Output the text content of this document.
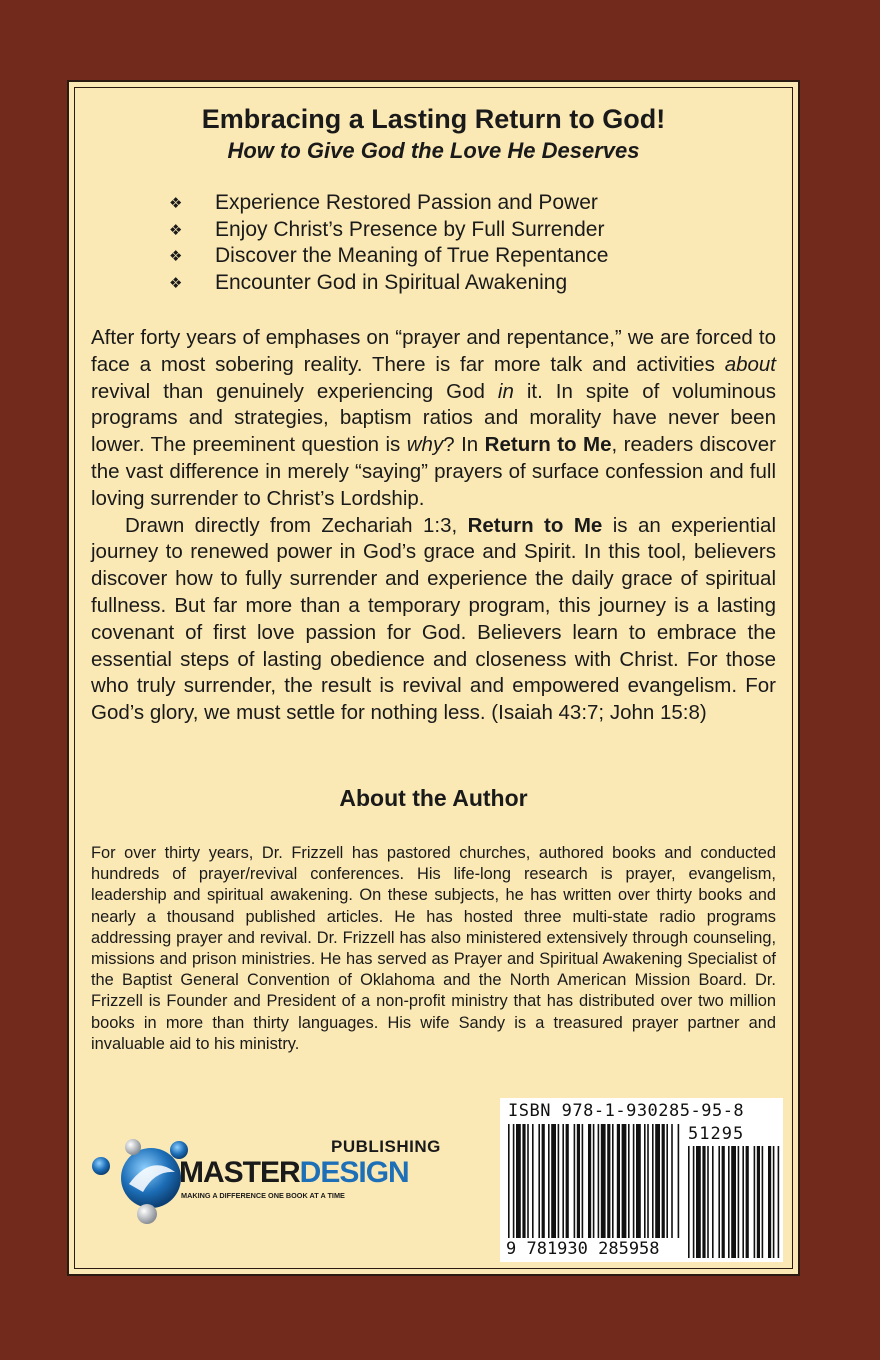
Embracing a Lasting Return to God!
How to Give God the Love He Deserves
❖ Experience Restored Passion and Power
❖ Enjoy Christ’s Presence by Full Surrender
❖ Discover the Meaning of True Repentance
❖ Encounter God in Spiritual Awakening

After forty years of emphases on “prayer and repentance,” we are forced to face a most sobering reality. There is far more talk and activities about revival than genuinely experiencing God in it. In spite of voluminous programs and strategies, baptism ratios and morality have never been lower. The preeminent question is why? In Return to Me, readers discover the vast difference in merely “saying” prayers of surface confession and full loving surrender to Christ’s Lordship.

Drawn directly from Zechariah 1:3, Return to Me is an experiential journey to renewed power in God’s grace and Spirit. In this tool, believers discover how to fully surrender and experience the daily grace of spiritual fullness. But far more than a temporary program, this journey is a lasting covenant of first love passion for God. Believers learn to embrace the essential steps of lasting obedience and closeness with Christ. For those who truly surrender, the result is revival and empowered evangelism. For God’s glory, we must settle for nothing less. (Isaiah 43:7; John 15:8)

About the Author

For over thirty years, Dr. Frizzell has pastored churches, authored books and conducted hundreds of prayer/revival conferences. His life-long research is prayer, evangelism, leadership and spiritual awakening. On these subjects, he has written over thirty books and nearly a thousand published articles. He has hosted three multi-state radio programs addressing prayer and revival. Dr. Frizzell has also ministered extensively through counseling, missions and prison ministries. He has served as Prayer and Spiritual Awakening Specialist of the Baptist General Convention of Oklahoma and the North American Mission Board. Dr. Frizzell is Founder and President of a non-profit ministry that has distributed over two million books in more than thirty languages. His wife Sandy is a treasured prayer partner and invaluable aid to his ministry.

PUBLISHING
MASTERDESIGN
MAKING A DIFFERENCE ONE BOOK AT A TIME
ISBN 978-1-930285-95-8
51295
9 781930 285958
